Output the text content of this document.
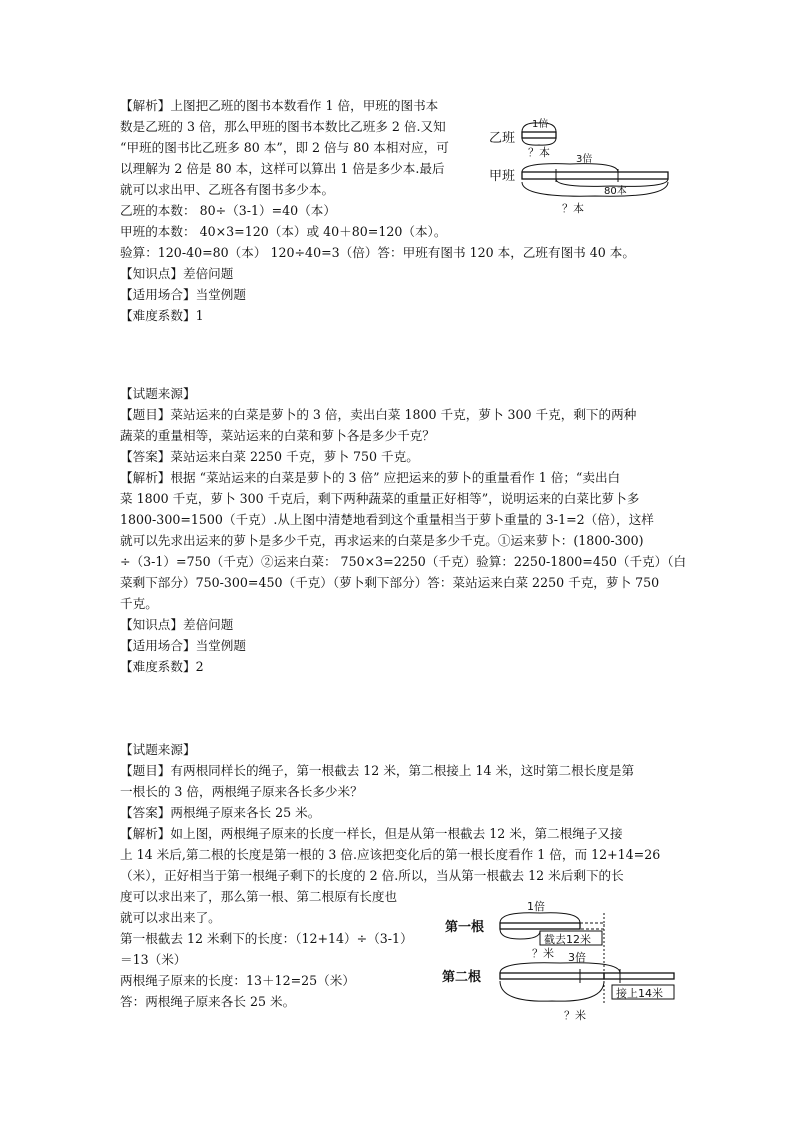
【解析】上图把乙班的图书本数看作 1 倍，甲班的图书本
数是乙班的 3 倍，那么甲班的图书本数比乙班多 2 倍.又知
“甲班的图书比乙班多 80 本”，即 2 倍与 80 本相对应，可
以理解为 2 倍是 80 本，这样可以算出 1 倍是多少本.最后
就可以求出甲、乙班各有图书多少本。
乙班的本数： 80÷（3-1）=40（本）
甲班的本数： 40×3=120（本）或 40＋80=120（本）。
验算：120-40=80（本） 120÷40=3（倍）答：甲班有图书 120 本，乙班有图书 40 本。
【知识点】差倍问题
【适用场合】当堂例题
【难度系数】1
乙班
1倍
？本
3倍
甲班
80本
？本
【试题来源】
【题目】菜站运来的白菜是萝卜的 3 倍，卖出白菜 1800 千克，萝卜 300 千克，剩下的两种
蔬菜的重量相等，菜站运来的白菜和萝卜各是多少千克？
【答案】菜站运来白菜 2250 千克，萝卜 750 千克。
【解析】根据 “菜站运来的白菜是萝卜的 3 倍” 应把运来的萝卜的重量看作 1 倍；“卖出白
菜 1800 千克，萝卜 300 千克后，剩下两种蔬菜的重量正好相等”，说明运来的白菜比萝卜多
1800-300=1500（千克）.从上图中清楚地看到这个重量相当于萝卜重量的 3-1=2（倍），这样
就可以先求出运来的萝卜是多少千克，再求运来的白菜是多少千克。①运来萝卜：(1800-300)
÷（3-1）=750（千克）②运来白菜： 750×3=2250（千克）验算：2250-1800=450（千克）（白
菜剩下部分）750-300=450（千克）（萝卜剩下部分）答：菜站运来白菜 2250 千克，萝卜 750
千克。
【知识点】差倍问题
【适用场合】当堂例题
【难度系数】2
【试题来源】
【题目】有两根同样长的绳子，第一根截去 12 米，第二根接上 14 米，这时第二根长度是第
一根长的 3 倍，两根绳子原来各长多少米？
【答案】两根绳子原来各长 25 米。
【解析】如上图，两根绳子原来的长度一样长，但是从第一根截去 12 米，第二根绳子又接
上 14 米后,第二根的长度是第一根的 3 倍.应该把变化后的第一根长度看作 1 倍，而 12+14=26
（米），正好相当于第一根绳子剩下的长度的 2 倍.所以，当从第一根截去 12 米后剩下的长
度可以求出来了，那么第一根、第二根原有长度也
就可以求出来了。
第一根截去 12 米剩下的长度：（12+14）÷（3-1）
＝13（米）
两根绳子原来的长度：13＋12=25（米）
答：两根绳子原来各长 25 米。
1倍
第一根
截去12米
？米 3倍
第二根
接上14米
？米
